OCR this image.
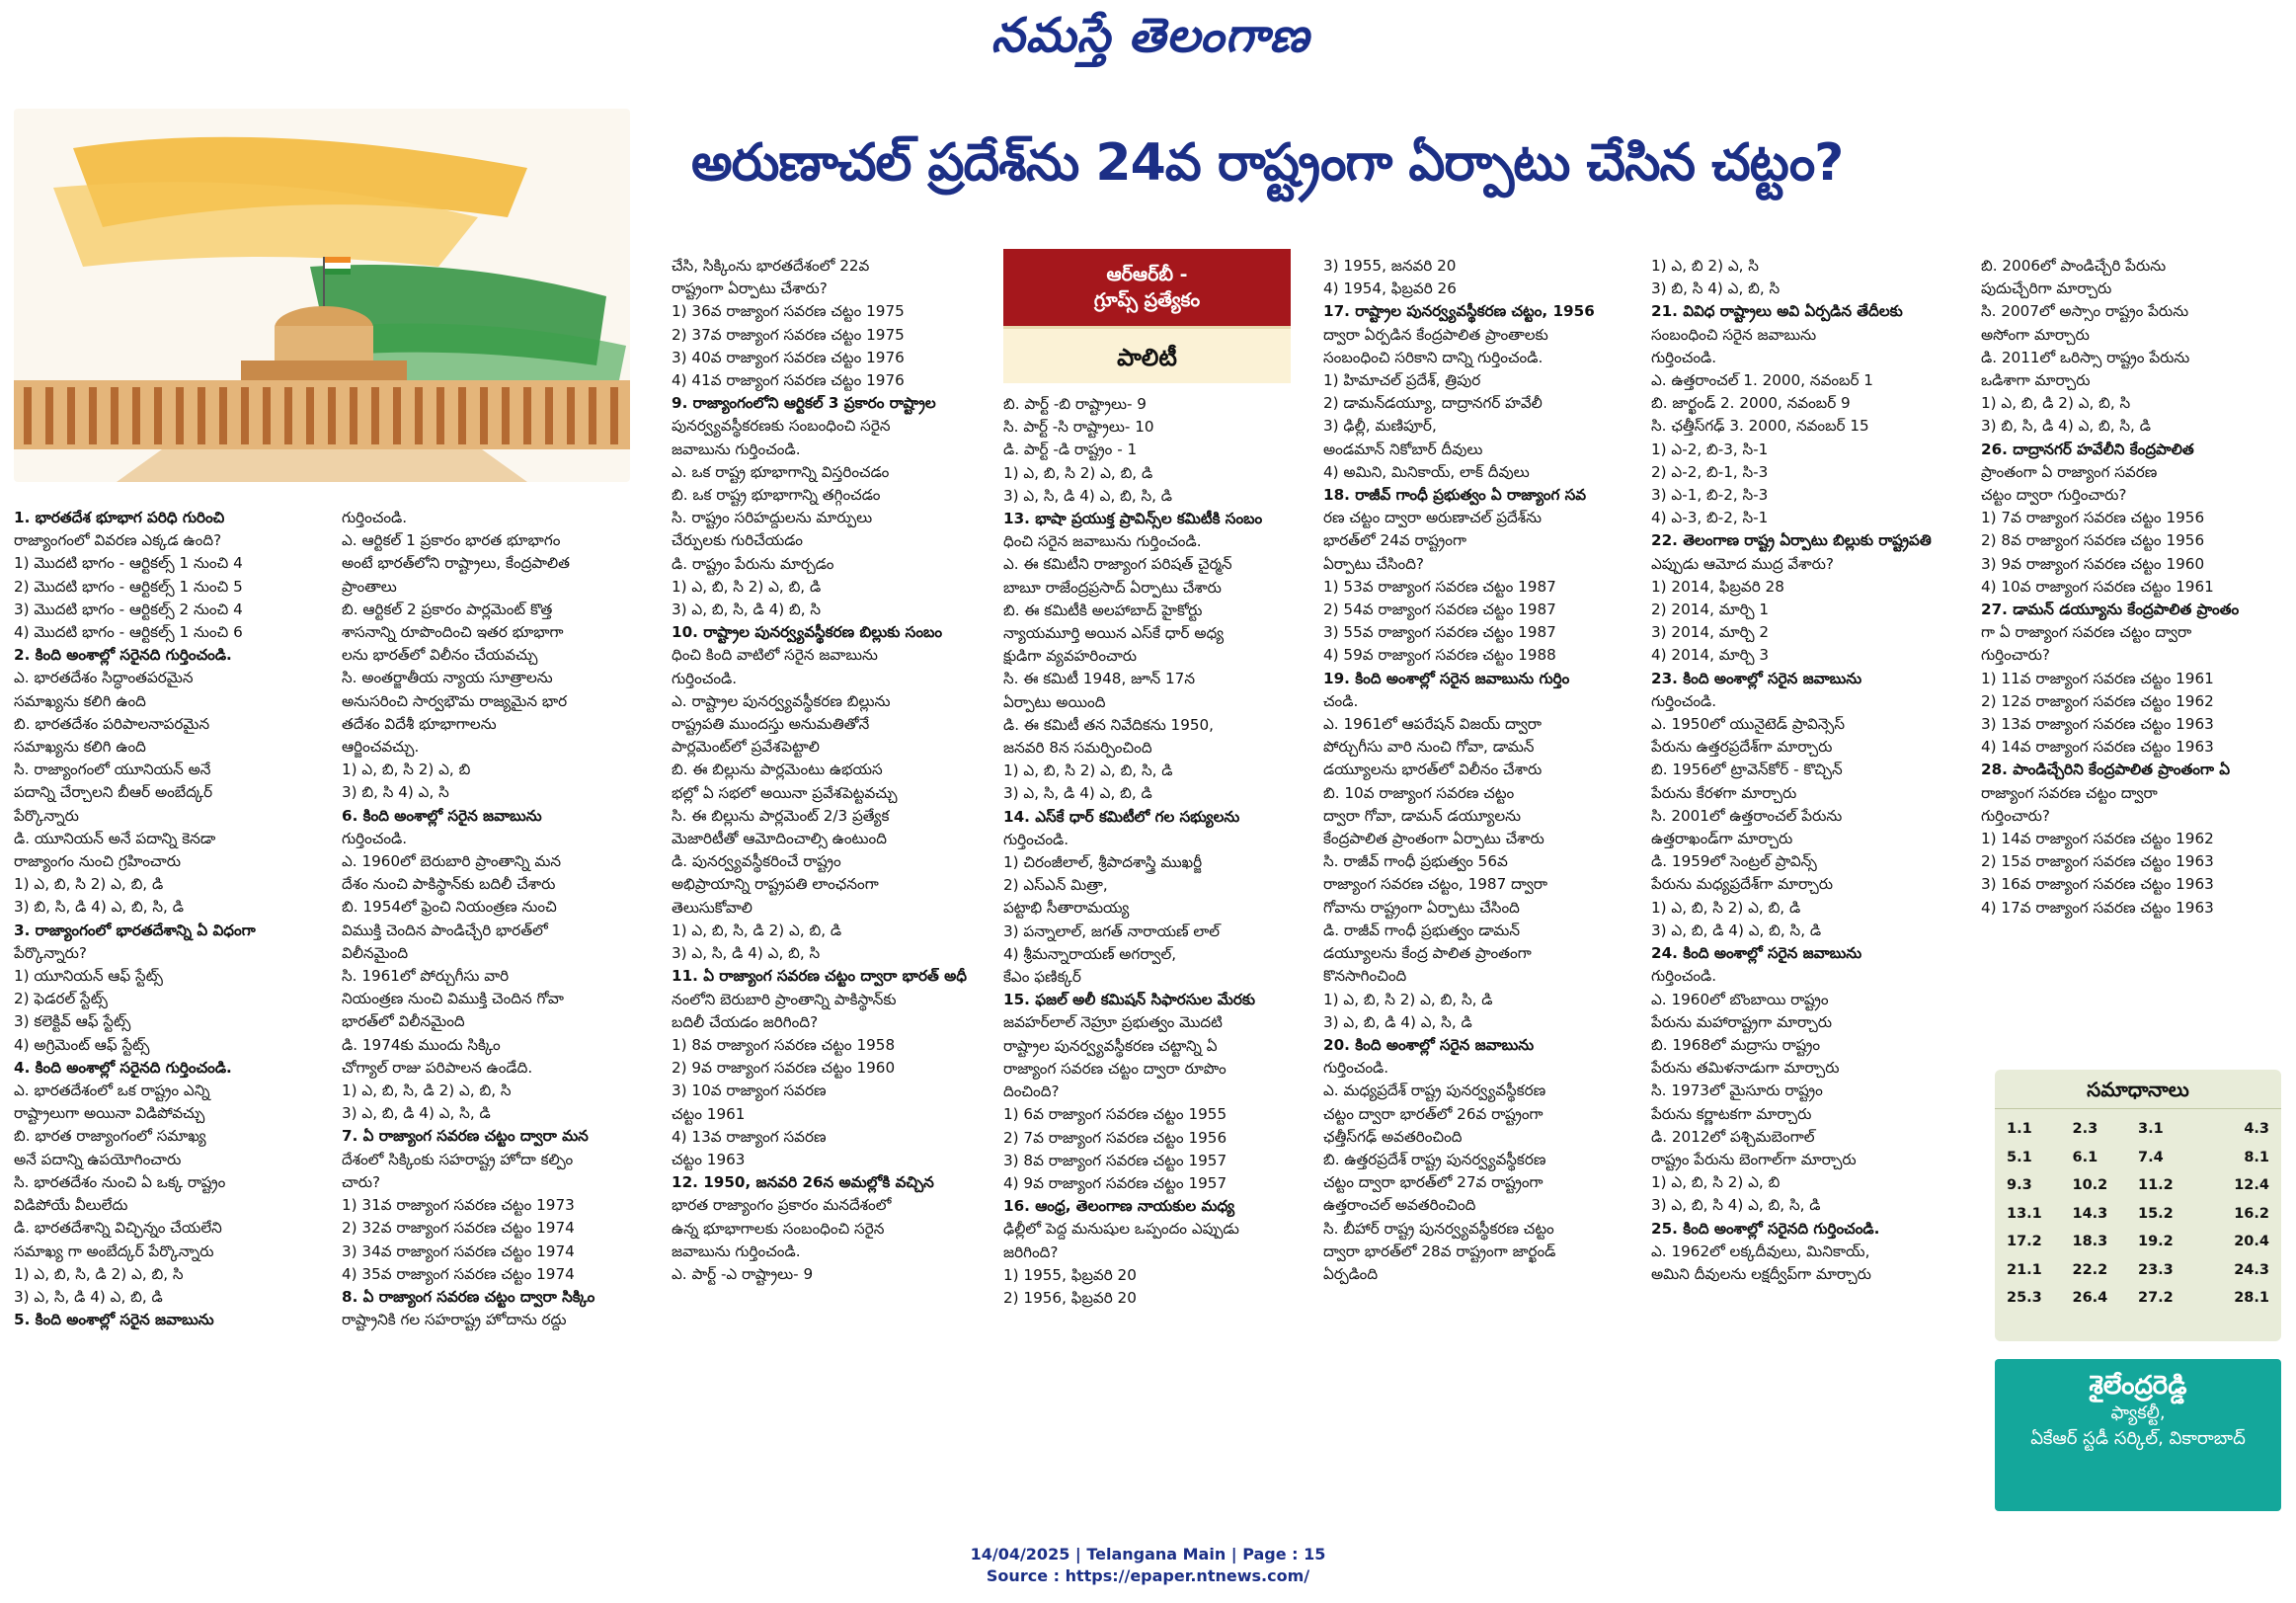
నమస్తే తెలంగాణ
అరుణాచల్ ప్రదేశ్‌ను 24వ రాష్ట్రంగా ఏర్పాటు చేసిన చట్టం?
ఆర్ఆర్‌బీ -
గ్రూప్స్ ప్రత్యేకం
పాలిటీ

1. భారతదేశ భూభాగ పరిధి గురించి

రాజ్యాంగంలో వివరణ ఎక్కడ ఉంది?

1) మొదటి భాగం - ఆర్టికల్స్ 1 నుంచి 4

2) మొదటి భాగం - ఆర్టికల్స్ 1 నుంచి 5

3) మొదటి భాగం - ఆర్టికల్స్ 2 నుంచి 4

4) మొదటి భాగం - ఆర్టికల్స్ 1 నుంచి 6

2. కింది అంశాల్లో సరైనది గుర్తించండి.

ఎ. భారతదేశం సిద్ధాంతపరమైన

సమాఖ్యను కలిగి ఉంది

బి. భారతదేశం పరిపాలనాపరమైన

సమాఖ్యను కలిగి ఉంది

సి. రాజ్యాంగంలో యూనియన్ అనే

పదాన్ని చేర్చాలని బీఆర్ అంబేద్కర్

పేర్కొన్నారు

డి. యూనియన్ అనే పదాన్ని కెనడా

రాజ్యాంగం నుంచి గ్రహించారు

1) ఎ, బి, సి 2) ఎ, బి, డి

3) బి, సి, డి 4) ఎ, బి, సి, డి

3. రాజ్యాంగంలో భారతదేశాన్ని ఏ విధంగా

పేర్కొన్నారు?

1) యూనియన్ ఆఫ్ స్టేట్స్

2) ఫెడరల్ స్టేట్స్

3) కలెక్టివ్ ఆఫ్ స్టేట్స్

4) అగ్రిమెంట్ ఆఫ్ స్టేట్స్

4. కింది అంశాల్లో సరైనది గుర్తించండి.

ఎ. భారతదేశంలో ఒక రాష్ట్రం ఎన్ని

రాష్ట్రాలుగా అయినా విడిపోవచ్చు

బి. భారత రాజ్యాంగంలో సమాఖ్య

అనే పదాన్ని ఉపయోగించారు

సి. భారతదేశం నుంచి ఏ ఒక్క రాష్ట్రం

విడిపోయే వీలులేదు

డి. భారతదేశాన్ని విచ్ఛిన్నం చేయలేని

సమాఖ్య గా అంబేద్కర్ పేర్కొన్నారు

1) ఎ, బి, సి, డి 2) ఎ, బి, సి

3) ఎ, సి, డి 4) ఎ, బి, డి

5. కింది అంశాల్లో సరైన జవాబును

గుర్తించండి.

ఎ. ఆర్టికల్ 1 ప్రకారం భారత భూభాగం

అంటే భారత్‌లోని రాష్ట్రాలు, కేంద్రపాలిత

ప్రాంతాలు

బి. ఆర్టికల్ 2 ప్రకారం పార్లమెంట్ కొత్త

శాసనాన్ని రూపొందించి ఇతర భూభాగా

లను భారత్‌లో విలీనం చేయవచ్చు

సి. అంతర్జాతీయ న్యాయ సూత్రాలను

అనుసరించి సార్వభౌమ రాజ్యమైన భార

తదేశం విదేశీ భూభాగాలను

ఆర్జించవచ్చు.

1) ఎ, బి, సి 2) ఎ, బి

3) బి, సి 4) ఎ, సి

6. కింది అంశాల్లో సరైన జవాబును

గుర్తించండి.

ఎ. 1960లో బెరుబారి ప్రాంతాన్ని మన

దేశం నుంచి పాకిస్థాన్‌కు బదిలీ చేశారు

బి. 1954లో ఫ్రెంచి నియంత్రణ నుంచి

విముక్తి చెందిన పాండిచ్చేరి భారత్‌లో

విలీనమైంది

సి. 1961లో పోర్చుగీసు వారి

నియంత్రణ నుంచి విముక్తి చెందిన గోవా

భారత్‌లో విలీనమైంది

డి. 1974కు ముందు సిక్కిం

చోగ్యాల్ రాజు పరిపాలన ఉండేది.

1) ఎ, బి, సి, డి 2) ఎ, బి, సి

3) ఎ, బి, డి 4) ఎ, సి, డి

7. ఏ రాజ్యాంగ సవరణ చట్టం ద్వారా మన

దేశంలో సిక్కింకు సహరాష్ట్ర హోదా కల్పిం

చారు?

1) 31వ రాజ్యాంగ సవరణ చట్టం 1973

2) 32వ రాజ్యాంగ సవరణ చట్టం 1974

3) 34వ రాజ్యాంగ సవరణ చట్టం 1974

4) 35వ రాజ్యాంగ సవరణ చట్టం 1974

8. ఏ రాజ్యాంగ సవరణ చట్టం ద్వారా సిక్కిం

రాష్ట్రానికి గల సహరాష్ట్ర హోదాను రద్దు

చేసి, సిక్కింను భారతదేశంలో 22వ

రాష్ట్రంగా ఏర్పాటు చేశారు?

1) 36వ రాజ్యాంగ సవరణ చట్టం 1975

2) 37వ రాజ్యాంగ సవరణ చట్టం 1975

3) 40వ రాజ్యాంగ సవరణ చట్టం 1976

4) 41వ రాజ్యాంగ సవరణ చట్టం 1976

9. రాజ్యాంగంలోని ఆర్టికల్ 3 ప్రకారం రాష్ట్రాల

పునర్వ్యవస్థీకరణకు సంబంధించి సరైన

జవాబును గుర్తించండి.

ఎ. ఒక రాష్ట్ర భూభాగాన్ని విస్తరించడం

బి. ఒక రాష్ట్ర భూభాగాన్ని తగ్గించడం

సి. రాష్ట్రం సరిహద్దులను మార్పులు

చేర్పులకు గురిచేయడం

డి. రాష్ట్రం పేరును మార్చడం

1) ఎ, బి, సి 2) ఎ, బి, డి

3) ఎ, బి, సి, డి 4) బి, సి

10. రాష్ట్రాల పునర్వ్యవస్థీకరణ బిల్లుకు సంబం

ధించి కింది వాటిలో సరైన జవాబును

గుర్తించండి.

ఎ. రాష్ట్రాల పునర్వ్యవస్థీకరణ బిల్లును

రాష్ట్రపతి ముందస్తు అనుమతితోనే

పార్లమెంట్‌లో ప్రవేశపెట్టాలి

బి. ఈ బిల్లును పార్లమెంటు ఉభయస

భల్లో ఏ సభలో అయినా ప్రవేశపెట్టవచ్చు

సి. ఈ బిల్లును పార్లమెంట్ 2/3 ప్రత్యేక

మెజారిటీతో ఆమోదించాల్సి ఉంటుంది

డి. పునర్వ్యవస్థీకరించే రాష్ట్రం

అభిప్రాయాన్ని రాష్ట్రపతి లాంఛనంగా

తెలుసుకోవాలి

1) ఎ, బి, సి, డి 2) ఎ, బి, డి

3) ఎ, సి, డి 4) ఎ, బి, సి

11. ఏ రాజ్యాంగ సవరణ చట్టం ద్వారా భారత్ అధీ

నంలోని బెరుబారి ప్రాంతాన్ని పాకిస్థాన్‌కు

బదిలీ చేయడం జరిగింది?

1) 8వ రాజ్యాంగ సవరణ చట్టం 1958

2) 9వ రాజ్యాంగ సవరణ చట్టం 1960

3) 10వ రాజ్యాంగ సవరణ

చట్టం 1961

4) 13వ రాజ్యాంగ సవరణ

చట్టం 1963

12. 1950, జనవరి 26న అమల్లోకి వచ్చిన

భారత రాజ్యాంగం ప్రకారం మనదేశంలో

ఉన్న భూభాగాలకు సంబంధించి సరైన

జవాబును గుర్తించండి.

ఎ. పార్ట్ -ఎ రాష్ట్రాలు- 9

బి. పార్ట్ -బి రాష్ట్రాలు- 9

సి. పార్ట్ -సి రాష్ట్రాలు- 10

డి. పార్ట్ -డి రాష్ట్రం - 1

1) ఎ, బి, సి 2) ఎ, బి, డి

3) ఎ, సి, డి 4) ఎ, బి, సి, డి

13. భాషా ప్రయుక్త ప్రావిన్స్‌ల కమిటీకి సంబం

ధించి సరైన జవాబును గుర్తించండి.

ఎ. ఈ కమిటీని రాజ్యాంగ పరిషత్ చైర్మన్

బాబూ రాజేంద్రప్రసాద్ ఏర్పాటు చేశారు

బి. ఈ కమిటీకి అలహాబాద్ హైకోర్టు

న్యాయమూర్తి అయిన ఎస్‌కే ధార్ అధ్య

క్షుడిగా వ్యవహరించారు

సి. ఈ కమిటీ 1948, జూన్ 17న

ఏర్పాటు అయింది

డి. ఈ కమిటీ తన నివేదికను 1950,

జనవరి 8న సమర్పించింది

1) ఎ, బి, సి 2) ఎ, బి, సి, డి

3) ఎ, సి, డి 4) ఎ, బి, డి

14. ఎస్‌కే ధార్ కమిటీలో గల సభ్యులను

గుర్తించండి.

1) చిరంజీలాల్, శ్రీపాదశాస్త్రి ముఖర్జీ

2) ఎస్ఎన్ మిత్రా,

పట్టాభి సీతారామయ్య

3) పన్నాలాల్, జగత్ నారాయణ్ లాల్

4) శ్రీమన్నారాయణ్ అగర్వాల్,

కేఎం ఫణిక్కర్

15. ఫజల్ అలీ కమిషన్ సిఫారసుల మేరకు

జవహర్‌లాల్ నెహ్రూ ప్రభుత్వం మొదటి

రాష్ట్రాల పునర్వ్యవస్థీకరణ చట్టాన్ని ఏ

రాజ్యాంగ సవరణ చట్టం ద్వారా రూపొం

దించింది?

1) 6వ రాజ్యాంగ సవరణ చట్టం 1955

2) 7వ రాజ్యాంగ సవరణ చట్టం 1956

3) 8వ రాజ్యాంగ సవరణ చట్టం 1957

4) 9వ రాజ్యాంగ సవరణ చట్టం 1957

16. ఆంధ్ర, తెలంగాణ నాయకుల మధ్య

ఢిల్లీలో పెద్ద మనుషుల ఒప్పందం ఎప్పుడు

జరిగింది?

1) 1955, ఫిబ్రవరి 20

2) 1956, ఫిబ్రవరి 20

3) 1955, జనవరి 20

4) 1954, ఫిబ్రవరి 26

17. రాష్ట్రాల పునర్వ్యవస్థీకరణ చట్టం, 1956

ద్వారా ఏర్పడిన కేంద్రపాలిత ప్రాంతాలకు

సంబంధించి సరికాని దాన్ని గుర్తించండి.

1) హిమాచల్ ప్రదేశ్, త్రిపుర

2) డామన్‌డయ్యూ, దాద్రానగర్ హవేలీ

3) ఢిల్లీ, మణిపూర్,

అండమాన్ నికోబార్ దీవులు

4) అమిని, మినికాయ్, లాక్ దీవులు

18. రాజీవ్ గాంధీ ప్రభుత్వం ఏ రాజ్యాంగ సవ

రణ చట్టం ద్వారా అరుణాచల్ ప్రదేశ్‌ను

భారత్‌లో 24వ రాష్ట్రంగా

ఏర్పాటు చేసింది?

1) 53వ రాజ్యాంగ సవరణ చట్టం 1987

2) 54వ రాజ్యాంగ సవరణ చట్టం 1987

3) 55వ రాజ్యాంగ సవరణ చట్టం 1987

4) 59వ రాజ్యాంగ సవరణ చట్టం 1988

19. కింది అంశాల్లో సరైన జవాబును గుర్తిం

చండి.

ఎ. 1961లో ఆపరేషన్ విజయ్ ద్వారా

పోర్చుగీసు వారి నుంచి గోవా, డామన్

డయ్యూలను భారత్‌లో విలీనం చేశారు

బి. 10వ రాజ్యాంగ సవరణ చట్టం

ద్వారా గోవా, డామన్ డయ్యూలను

కేంద్రపాలిత ప్రాంతంగా ఏర్పాటు చేశారు

సి. రాజీవ్ గాంధీ ప్రభుత్వం 56వ

రాజ్యాంగ సవరణ చట్టం, 1987 ద్వారా

గోవాను రాష్ట్రంగా ఏర్పాటు చేసింది

డి. రాజీవ్ గాంధీ ప్రభుత్వం డామన్

డయ్యూలను కేంద్ర పాలిత ప్రాంతంగా

కొనసాగించింది

1) ఎ, బి, సి 2) ఎ, బి, సి, డి

3) ఎ, బి, డి 4) ఎ, సి, డి

20. కింది అంశాల్లో సరైన జవాబును

గుర్తించండి.

ఎ. మధ్యప్రదేశ్ రాష్ట్ర పునర్వ్యవస్థీకరణ

చట్టం ద్వారా భారత్‌లో 26వ రాష్ట్రంగా

ఛత్తీస్‌గఢ్ అవతరించింది

బి. ఉత్తరప్రదేశ్ రాష్ట్ర పునర్వ్యవస్థీకరణ

చట్టం ద్వారా భారత్‌లో 27వ రాష్ట్రంగా

ఉత్తరాంచల్ అవతరించింది

సి. బీహార్ రాష్ట్ర పునర్వ్యవస్థీకరణ చట్టం

ద్వారా భారత్‌లో 28వ రాష్ట్రంగా జార్ఖండ్

ఏర్పడింది

1) ఎ, బి 2) ఎ, సి

3) బి, సి 4) ఎ, బి, సి

21. వివిధ రాష్ట్రాలు అవి ఏర్పడిన తేదీలకు

సంబంధించి సరైన జవాబును

గుర్తించండి.

ఎ. ఉత్తరాంచల్ 1. 2000, నవంబర్ 1

బి. జార్ఖండ్ 2. 2000, నవంబర్ 9

సి. ఛత్తీస్‌గఢ్ 3. 2000, నవంబర్ 15

1) ఎ-2, బి-3, సి-1

2) ఎ-2, బి-1, సి-3

3) ఎ-1, బి-2, సి-3

4) ఎ-3, బి-2, సి-1

22. తెలంగాణ రాష్ట్ర ఏర్పాటు బిల్లుకు రాష్ట్రపతి

ఎప్పుడు ఆమోద ముద్ర వేశారు?

1) 2014, ఫిబ్రవరి 28

2) 2014, మార్చి 1

3) 2014, మార్చి 2

4) 2014, మార్చి 3

23. కింది అంశాల్లో సరైన జవాబును

గుర్తించండి.

ఎ. 1950లో యునైటెడ్ ప్రావిన్సెస్

పేరును ఉత్తరప్రదేశ్‌గా మార్చారు

బి. 1956లో ట్రావెన్‌కోర్ - కొచ్చిన్

పేరును కేరళగా మార్చారు

సి. 2001లో ఉత్తరాంచల్ పేరును

ఉత్తరాఖండ్‌గా మార్చారు

డి. 1959లో సెంట్రల్ ప్రావిన్స్

పేరును మధ్యప్రదేశ్‌గా మార్చారు

1) ఎ, బి, సి 2) ఎ, బి, డి

3) ఎ, బి, డి 4) ఎ, బి, సి, డి

24. కింది అంశాల్లో సరైన జవాబును

గుర్తించండి.

ఎ. 1960లో బొంబాయి రాష్ట్రం

పేరును మహారాష్ట్రగా మార్చారు

బి. 1968లో మద్రాసు రాష్ట్రం

పేరును తమిళనాడుగా మార్చారు

సి. 1973లో మైసూరు రాష్ట్రం

పేరును కర్ణాటకగా మార్చారు

డి. 2012లో పశ్చిమబెంగాల్

రాష్ట్రం పేరును బెంగాల్‌గా మార్చారు

1) ఎ, బి, సి 2) ఎ, బి

3) ఎ, బి, సి 4) ఎ, బి, సి, డి

25. కింది అంశాల్లో సరైనది గుర్తించండి.

ఎ. 1962లో లక్కదీవులు, మినికాయ్,

అమిని దీవులను లక్షద్వీప్‌గా మార్చారు

బి. 2006లో పాండిచ్చేరి పేరును

పుదుచ్చేరిగా మార్చారు

సి. 2007లో అస్సాం రాష్ట్రం పేరును

అసోంగా మార్చారు

డి. 2011లో ఒరిస్సా రాష్ట్రం పేరును

ఒడిశాగా మార్చారు

1) ఎ, బి, డి 2) ఎ, బి, సి

3) బి, సి, డి 4) ఎ, బి, సి, డి

26. దాద్రానగర్ హవేలీని కేంద్రపాలిత

ప్రాంతంగా ఏ రాజ్యాంగ సవరణ

చట్టం ద్వారా గుర్తించారు?

1) 7వ రాజ్యాంగ సవరణ చట్టం 1956

2) 8వ రాజ్యాంగ సవరణ చట్టం 1956

3) 9వ రాజ్యాంగ సవరణ చట్టం 1960

4) 10వ రాజ్యాంగ సవరణ చట్టం 1961

27. డామన్ డయ్యూను కేంద్రపాలిత ప్రాంతం

గా ఏ రాజ్యాంగ సవరణ చట్టం ద్వారా

గుర్తించారు?

1) 11వ రాజ్యాంగ సవరణ చట్టం 1961

2) 12వ రాజ్యాంగ సవరణ చట్టం 1962

3) 13వ రాజ్యాంగ సవరణ చట్టం 1963

4) 14వ రాజ్యాంగ సవరణ చట్టం 1963

28. పాండిచ్చేరిని కేంద్రపాలిత ప్రాంతంగా ఏ

రాజ్యాంగ సవరణ చట్టం ద్వారా

గుర్తించారు?

1) 14వ రాజ్యాంగ సవరణ చట్టం 1962

2) 15వ రాజ్యాంగ సవరణ చట్టం 1963

3) 16వ రాజ్యాంగ సవరణ చట్టం 1963

4) 17వ రాజ్యాంగ సవరణ చట్టం 1963

సమాధానాలు
1.1	2.3	3.1	4.3
5.1	6.1	7.4	8.1
9.3	10.2	11.2	12.4
13.1	14.3	15.2	16.2
17.2	18.3	19.2	20.4
21.1	22.2	23.3	24.3
25.3	26.4	27.2	28.1
శైలేంద్రరెడ్డి
ఫ్యాకల్టీ,
ఏకేఆర్ స్టడీ సర్కిల్, వికారాబాద్
14/04/2025 | Telangana Main | Page : 15
Source : https://epaper.ntnews.com/
